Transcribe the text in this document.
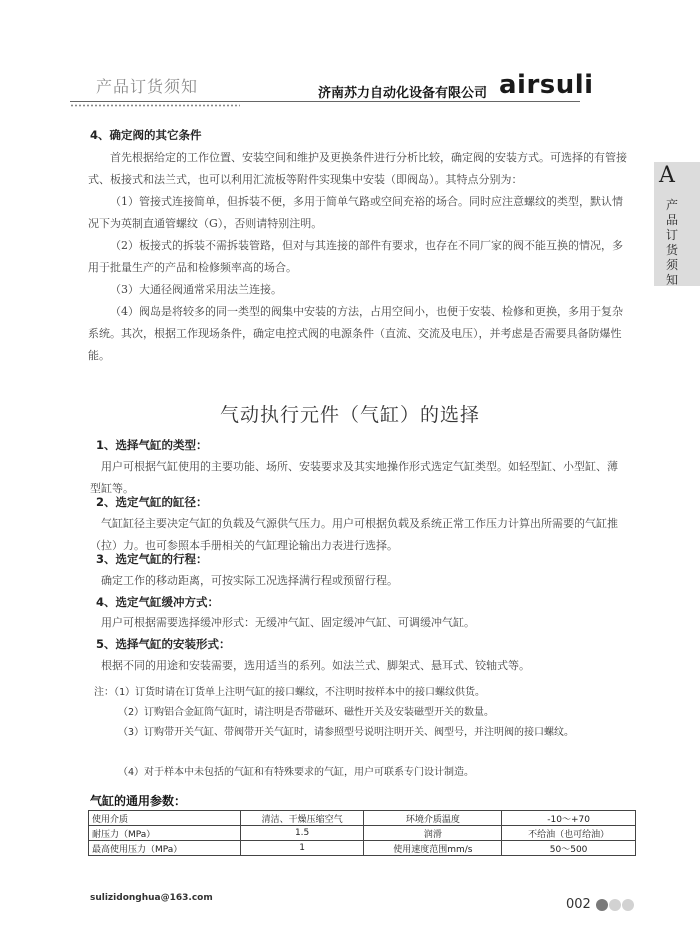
产品订货须知	济南苏力自动化设备有限公司 airsuli
A
产品订货须知
4、确定阀的其它条件
首先根据给定的工作位置、安装空间和维护及更换条件进行分析比较，确定阀的安装方式。可选择的有管接式、板接式和法兰式，也可以利用汇流板等附件实现集中安装（即阀岛）。其特点分别为：
（1）管接式连接简单，但拆装不便，多用于简单气路或空间充裕的场合。同时应注意螺纹的类型，默认情况下为英制直通管螺纹（G），否则请特别注明。
（2）板接式的拆装不需拆装管路，但对与其连接的部件有要求，也存在不同厂家的阀不能互换的情况，多用于批量生产的产品和检修频率高的场合。
（3）大通径阀通常采用法兰连接。
（4）阀岛是将较多的同一类型的阀集中安装的方法，占用空间小，也便于安装、检修和更换，多用于复杂系统。其次，根据工作现场条件，确定电控式阀的电源条件（直流、交流及电压），并考虑是否需要具备防爆性能。
气动执行元件（气缸）的选择
1、选择气缸的类型：
用户可根据气缸使用的主要功能、场所、安装要求及其实地操作形式选定气缸类型。如轻型缸、小型缸、薄型缸等。
2、选定气缸的缸径：
气缸缸径主要决定气缸的负载及气源供气压力。用户可根据负载及系统正常工作压力计算出所需要的气缸推（拉）力。也可参照本手册相关的气缸理论输出力表进行选择。
3、选定气缸的行程：
确定工作的移动距离，可按实际工况选择满行程或预留行程。
4、选定气缸缓冲方式：
用户可根据需要选择缓冲形式：无缓冲气缸、固定缓冲气缸、可调缓冲气缸。
5、选择气缸的安装形式：
根据不同的用途和安装需要，选用适当的系列。如法兰式、脚架式、悬耳式、铰轴式等。
注：（1）订货时请在订货单上注明气缸的接口螺纹，不注明时按样本中的接口螺纹供货。
（2）订购铝合金缸筒气缸时，请注明是否带磁环、磁性开关及安装磁型开关的数量。
（3）订购带开关气缸、带阀带开关气缸时，请参照型号说明注明开关、阀型号，并注明阀的接口螺纹。
（4）对于样本中未包括的气缸和有特殊要求的气缸，用户可联系专门设计制造。
气缸的通用参数：
使用介质	清洁、干燥压缩空气	环境介质温度	-10～+70
耐压力（MPa）	1.5	润滑	不给油（也可给油）
最高使用压力（MPa）	1	使用速度范围mm/s	50～500
sulizidonghua@163.com	002
